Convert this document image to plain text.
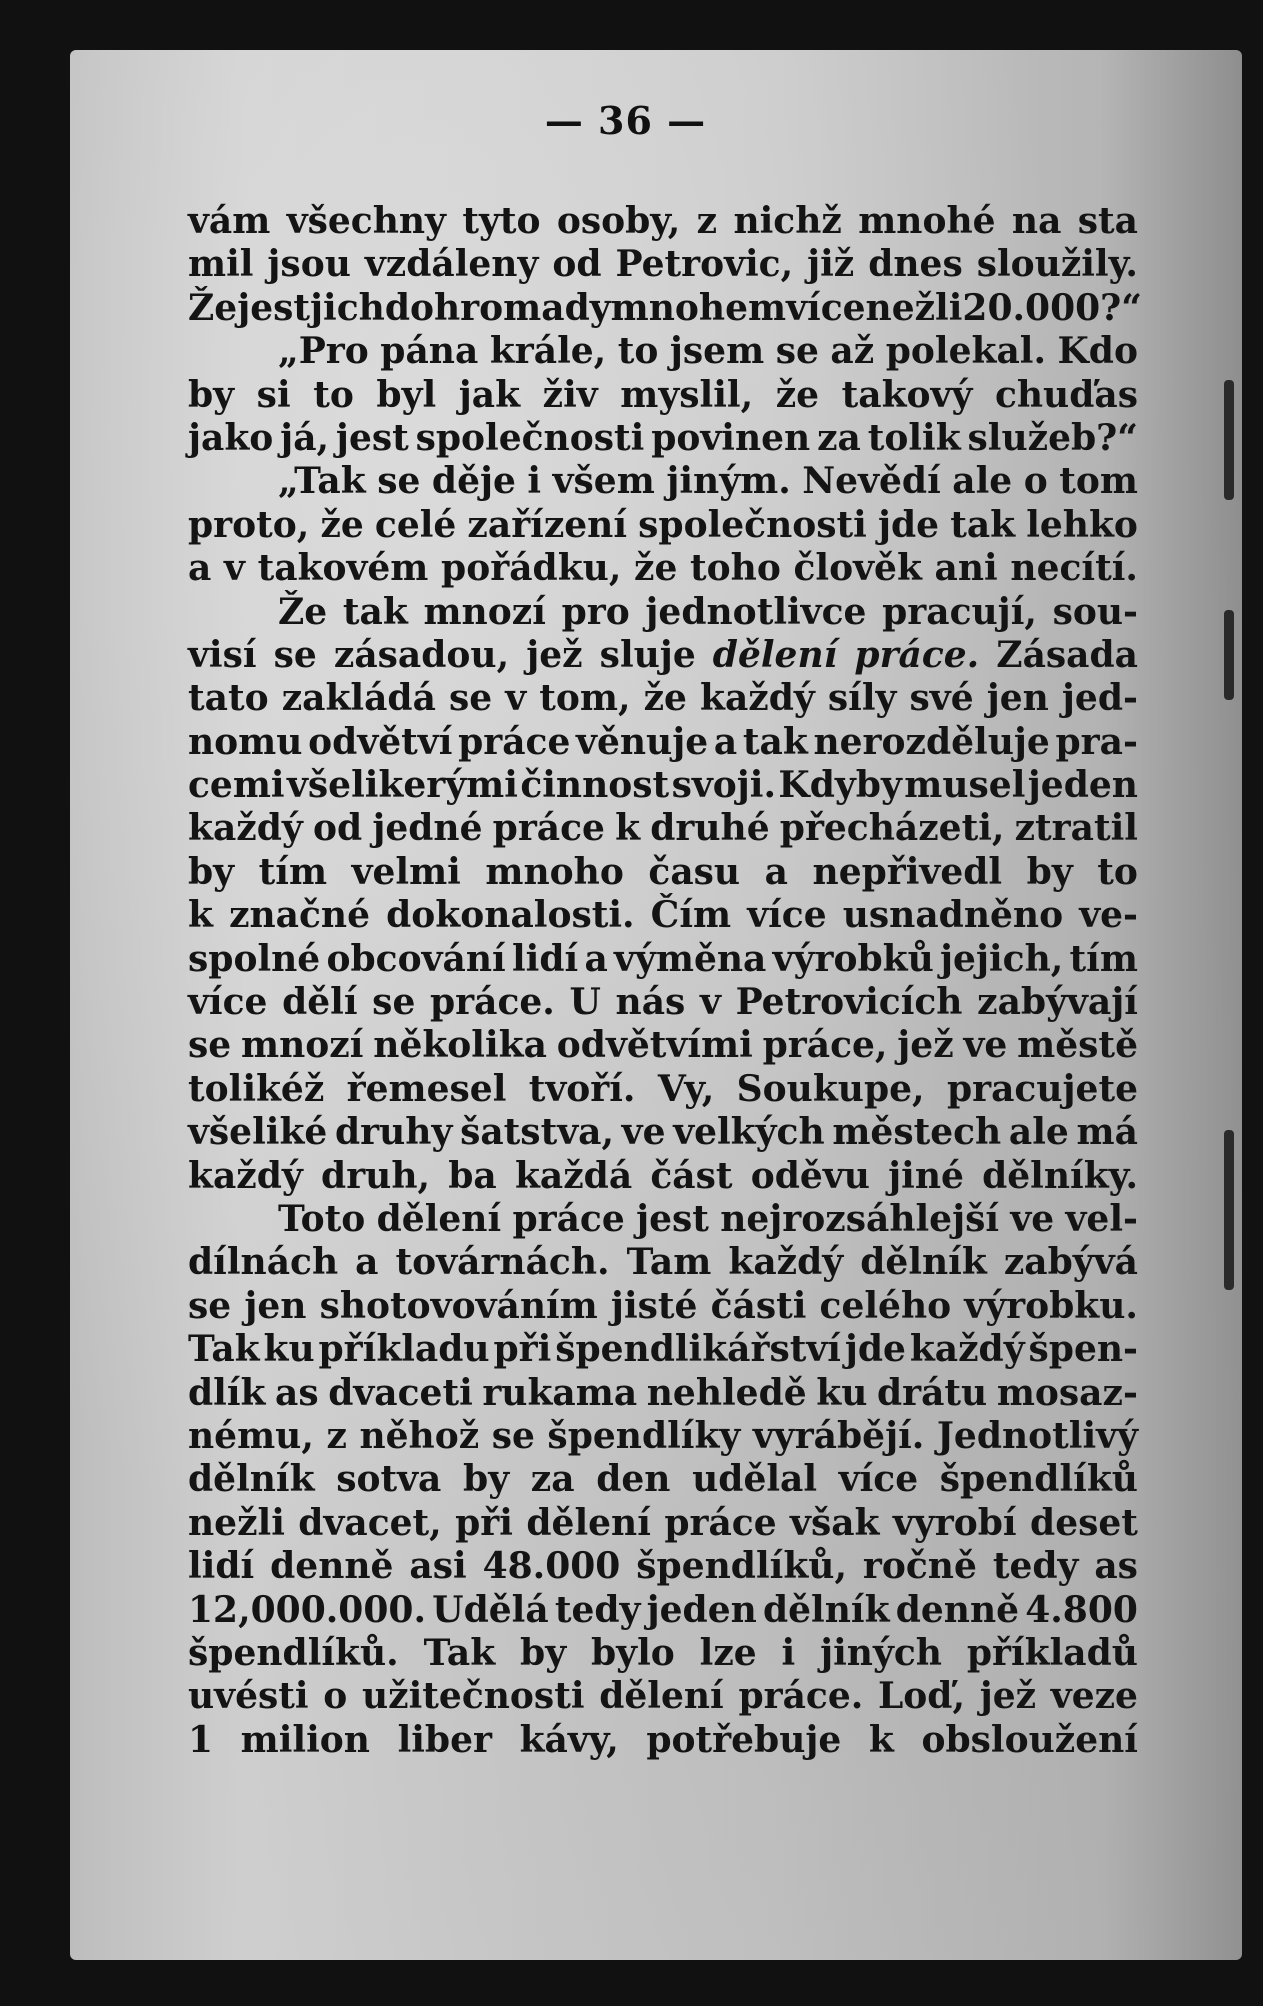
— 36 —
vám všechny tyto osoby, z nichž mnohé na sta
mil jsou vzdáleny od Petrovic, již dnes sloužily.
Že jest jich dohromady mnohem více nežli 20.000?“
„Pro pána krále, to jsem se až polekal. Kdo
by si to byl jak živ myslil, že takový chuďas
jako já, jest společnosti povinen za tolik služeb?“
„Tak se děje i všem jiným. Nevědí ale o tom
proto, že celé zařízení společnosti jde tak lehko
a v takovém pořádku, že toho člověk ani necítí.
Že tak mnozí pro jednotlivce pracují, sou-
visí se zásadou, jež sluje dělení práce. Zásada
tato zakládá se v tom, že každý síly své jen jed-
nomu odvětví práce věnuje a tak nerozděluje pra-
cemi všelikerými činnost svoji. Kdyby musel jeden
každý od jedné práce k druhé přecházeti, ztratil
by tím velmi mnoho času a nepřivedl by to
k značné dokonalosti. Čím více usnadněno ve-
spolné obcování lidí a výměna výrobků jejich, tím
více dělí se práce. U nás v Petrovicích zabývají
se mnozí několika odvětvími práce, jež ve městě
tolikéž řemesel tvoří. Vy, Soukupe, pracujete
všeliké druhy šatstva, ve velkých městech ale má
každý druh, ba každá část oděvu jiné dělníky.
Toto dělení práce jest nejrozsáhlejší ve vel-
dílnách a továrnách. Tam každý dělník zabývá
se jen shotovováním jisté části celého výrobku.
Tak ku příkladu při špendlikářství jde každý špen-
dlík as dvaceti rukama nehledě ku drátu mosaz-
nému, z něhož se špendlíky vyrábějí. Jednotlivý
dělník sotva by za den udělal více špendlíků
nežli dvacet, při dělení práce však vyrobí deset
lidí denně asi 48.000 špendlíků, ročně tedy as
12,000.000. Udělá tedy jeden dělník denně 4.800
špendlíků. Tak by bylo lze i jiných příkladů
uvésti o užitečnosti dělení práce. Loď, jež veze
1 milion liber kávy, potřebuje k obsloužení
